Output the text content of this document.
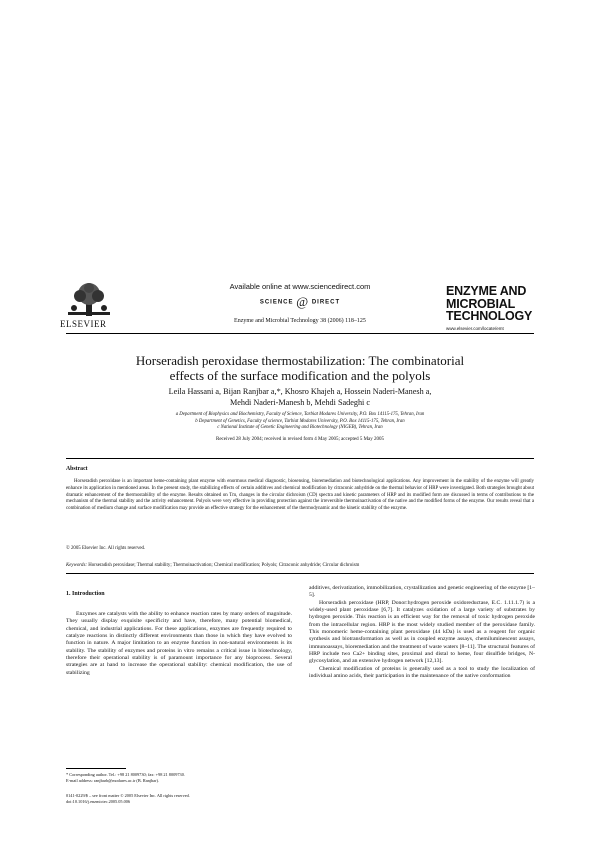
ELSEVIER
Available online at www.sciencedirect.com
SCIENCE @ DIRECT
Enzyme and Microbial Technology 38 (2006) 118–125
ENZYME AND
MICROBIAL
TECHNOLOGY
www.elsevier.com/locate/emt
Horseradish peroxidase thermostabilization: The combinatorial
effects of the surface modification and the polyols
Leila Hassani a, Bijan Ranjbar a,*, Khosro Khajeh a, Hossein Naderi-Manesh a,
Mehdi Naderi-Manesh b, Mehdi Sadeghi c
a Department of Biophysics and Biochemistry, Faculty of Science, Tarbiat Modares University, P.O. Box 14115-175, Tehran, Iran
b Department of Genetics, Faculty of science, Tarbiat Modares University, P.O. Box 14115-175, Tehran, Iran
c National Institute of Genetic Engineering and Biotechnology (NIGEB), Tehran, Iran
Received 28 July 2004; received in revised form 4 May 2005; accepted 5 May 2005
Abstract
Horseradish peroxidase is an important heme-containing plant enzyme with enormous medical diagnostic, biosensing, bioremediation and biotechnological applications. Any improvement in the stability of the enzyme will greatly enhance its application in mentioned areas. In the present study, the stabilizing effects of certain additives and chemical modification by citraconic anhydride on the thermal behavior of HRP were investigated. Both strategies brought about dramatic enhancement of the thermostability of the enzyme. Results obtained on Tm, changes in the circular dichroism (CD) spectra and kinetic parameters of HRP and its modified form are discussed in terms of contributions to the mechanism of the thermal stability and the activity enhancement. Polyols were very effective in providing protection against the irreversible thermoinactivation of the native and the modified forms of the enzyme. Our results reveal that a combination of medium change and surface modification may provide an effective strategy for the enhancement of the thermodynamic and the kinetic stability of the enzyme.
© 2005 Elsevier Inc. All rights reserved.
Keywords: Horseradish peroxidase; Thermal stability; Thermoinactivation; Chemical modification; Polyols; Citraconic anhydride; Circular dichroism
1. Introduction

Enzymes are catalysts with the ability to enhance reaction rates by many orders of magnitude. They usually display exquisite specificity and have, therefore, many potential biomedical, chemical, and industrial applications. For these applications, enzymes are frequently required to catalyze reactions in distinctly different environments than those in which they have evolved to function in nature. A major limitation to an enzyme function in non-natural environments is its stability. The stability of enzymes and proteins in vitro remains a critical issue in biotechnology, therefore their operational stability is of paramount importance for any bioprocess. Several strategies are at hand to increase the operational stability: chemical modification, the use of stabilizing

additives, derivatization, immobilization, crystallization and genetic engineering of the enzyme [1–5].

Horseradish peroxidase (HRP, Donor:hydrogen peroxide oxidoreductase, E.C. 1.11.1.7) is a widely-used plant peroxidase [6,7]. It catalyzes oxidation of a large variety of substrates by hydrogen peroxide. This reaction is an efficient way for the removal of toxic hydrogen peroxide from the intracellular region. HRP is the most widely studied member of the peroxidase family. This monomeric heme-containing plant peroxidase (44 kDa) is used as a reagent for organic synthesis and biotransformation as well as in coupled enzyme assays, chemiluminescent assays, immunoassays, bioremediation and the treatment of waste waters [8–11]. The structural features of HRP include two Ca2+ binding sites, proximal and distal to heme, four disulfide bridges, N-glycosylation, and an extensive hydrogen network [12,13].

Chemical modification of proteins is generally used as a tool to study the localization of individual amino acids, their participation in the maintenance of the native conformation

* Corresponding author. Tel.: +98 21 8009730; fax: +98 21 8009730.
E-mail address: ranjbarb@modares.ac.ir (B. Ranjbar).
0141-0229/$ – see front matter © 2005 Elsevier Inc. All rights reserved.
doi:10.1016/j.enzmictec.2005.05.006
